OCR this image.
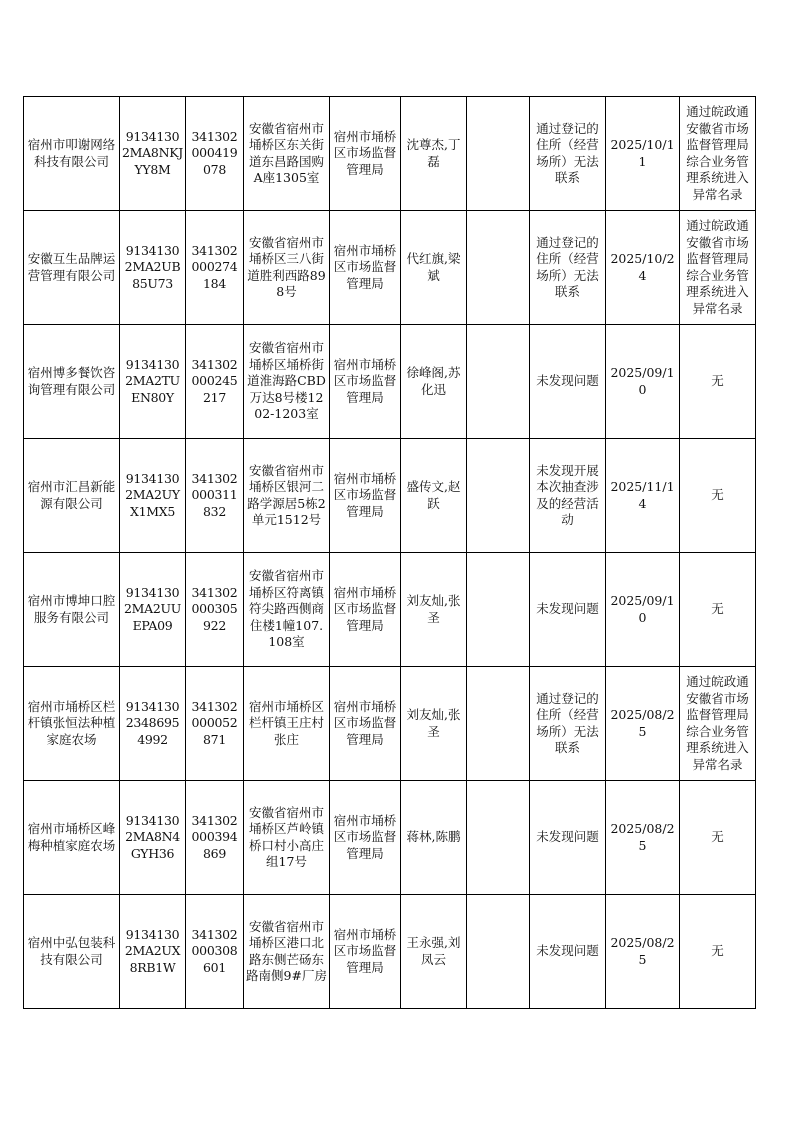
宿州市叩谢网络科技有限公司	91341302MA8NKJYY8M	341302000419078	安徽省宿州市埇桥区东关街道东昌路国购A座1305室	宿州市埇桥区市场监督管理局	沈尊杰,丁磊		通过登记的住所（经营场所）无法联系	2025/10/11	通过皖政通安徽省市场监督管理局综合业务管理系统进入异常名录
安徽互生品牌运营管理有限公司	91341302MA2UB85U73	341302000274184	安徽省宿州市埇桥区三八街道胜利西路898号	宿州市埇桥区市场监督管理局	代红旗,梁斌		通过登记的住所（经营场所）无法联系	2025/10/24	通过皖政通安徽省市场监督管理局综合业务管理系统进入异常名录
宿州博多餐饮咨询管理有限公司	91341302MA2TUEN80Y	341302000245217	安徽省宿州市埇桥区埇桥街道淮海路CBD万达8号楼1202-1203室	宿州市埇桥区市场监督管理局	徐峰阁,苏化迅		未发现问题	2025/09/10	无
宿州市汇昌新能源有限公司	91341302MA2UYX1MX5	341302000311832	安徽省宿州市埇桥区银河二路学源居5栋2单元1512号	宿州市埇桥区市场监督管理局	盛传文,赵跃		未发现开展本次抽查涉及的经营活动	2025/11/14	无
宿州市博坤口腔服务有限公司	91341302MA2UUEPA09	341302000305922	安徽省宿州市埇桥区符离镇符尖路西侧商住楼1幢107.108室	宿州市埇桥区市场监督管理局	刘友灿,张圣		未发现问题	2025/09/10	无
宿州市埇桥区栏杆镇张恒法种植家庭农场	913413023486954992	341302000052871	宿州市埇桥区栏杆镇王庄村张庄	宿州市埇桥区市场监督管理局	刘友灿,张圣		通过登记的住所（经营场所）无法联系	2025/08/25	通过皖政通安徽省市场监督管理局综合业务管理系统进入异常名录
宿州市埇桥区峰梅种植家庭农场	91341302MA8N4GYH36	341302000394869	安徽省宿州市埇桥区芦岭镇桥口村小高庄组17号	宿州市埇桥区市场监督管理局	蒋林,陈鹏		未发现问题	2025/08/25	无
宿州中弘包装科技有限公司	91341302MA2UX8RB1W	341302000308601	安徽省宿州市埇桥区港口北路东侧芒砀东路南侧9#厂房	宿州市埇桥区市场监督管理局	王永强,刘凤云		未发现问题	2025/08/25	无
